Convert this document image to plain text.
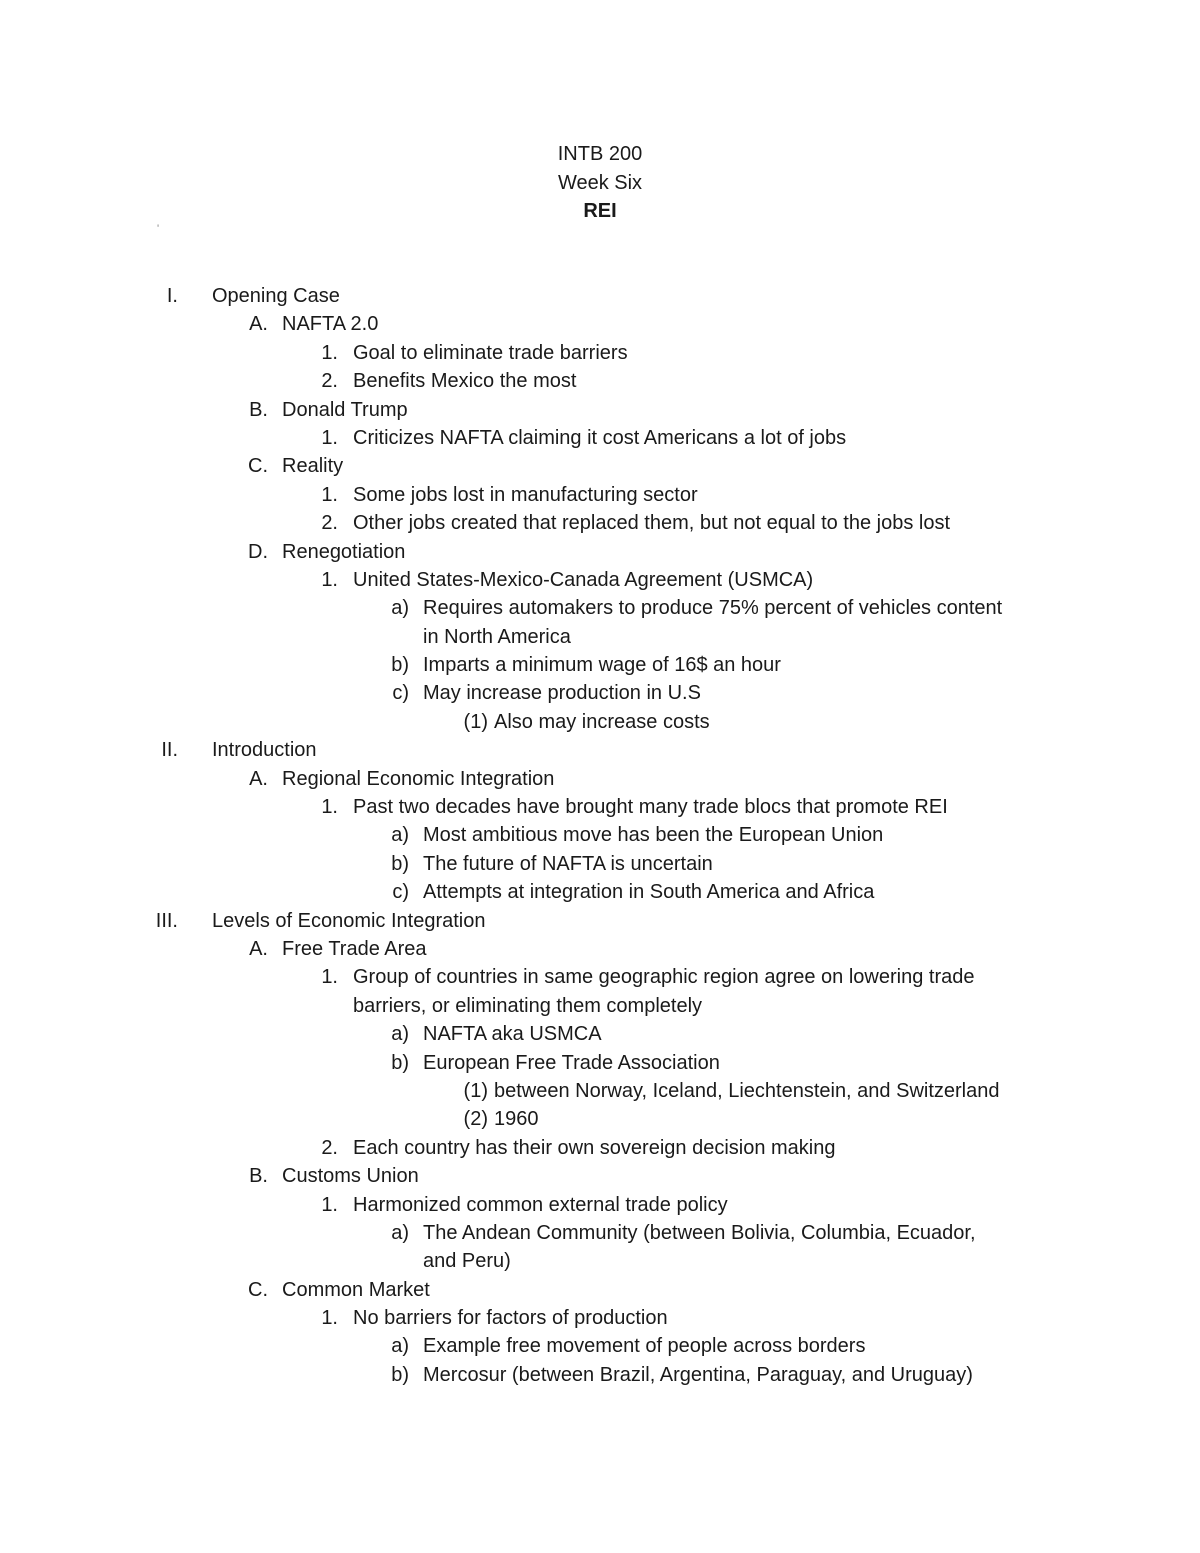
INTB 200
Week Six
REI
'
I. Opening Case
A. NAFTA 2.0
1. Goal to eliminate trade barriers
2. Benefits Mexico the most
B. Donald Trump
1. Criticizes NAFTA claiming it cost Americans a lot of jobs
C. Reality
1. Some jobs lost in manufacturing sector
2. Other jobs created that replaced them, but not equal to the jobs lost
D. Renegotiation
1. United States-Mexico-Canada Agreement (USMCA)
a) Requires automakers to produce 75% percent of vehicles content
in North America
b) Imparts a minimum wage of 16$ an hour
c) May increase production in U.S
(1) Also may increase costs
II. Introduction
A. Regional Economic Integration
1. Past two decades have brought many trade blocs that promote REI
a) Most ambitious move has been the European Union
b) The future of NAFTA is uncertain
c) Attempts at integration in South America and Africa
III. Levels of Economic Integration
A. Free Trade Area
1. Group of countries in same geographic region agree on lowering trade
barriers, or eliminating them completely
a) NAFTA aka USMCA
b) European Free Trade Association
(1) between Norway, Iceland, Liechtenstein, and Switzerland
(2) 1960
2. Each country has their own sovereign decision making
B. Customs Union
1. Harmonized common external trade policy
a) The Andean Community (between Bolivia, Columbia, Ecuador,
and Peru)
C. Common Market
1. No barriers for factors of production
a) Example free movement of people across borders
b) Mercosur (between Brazil, Argentina, Paraguay, and Uruguay)
